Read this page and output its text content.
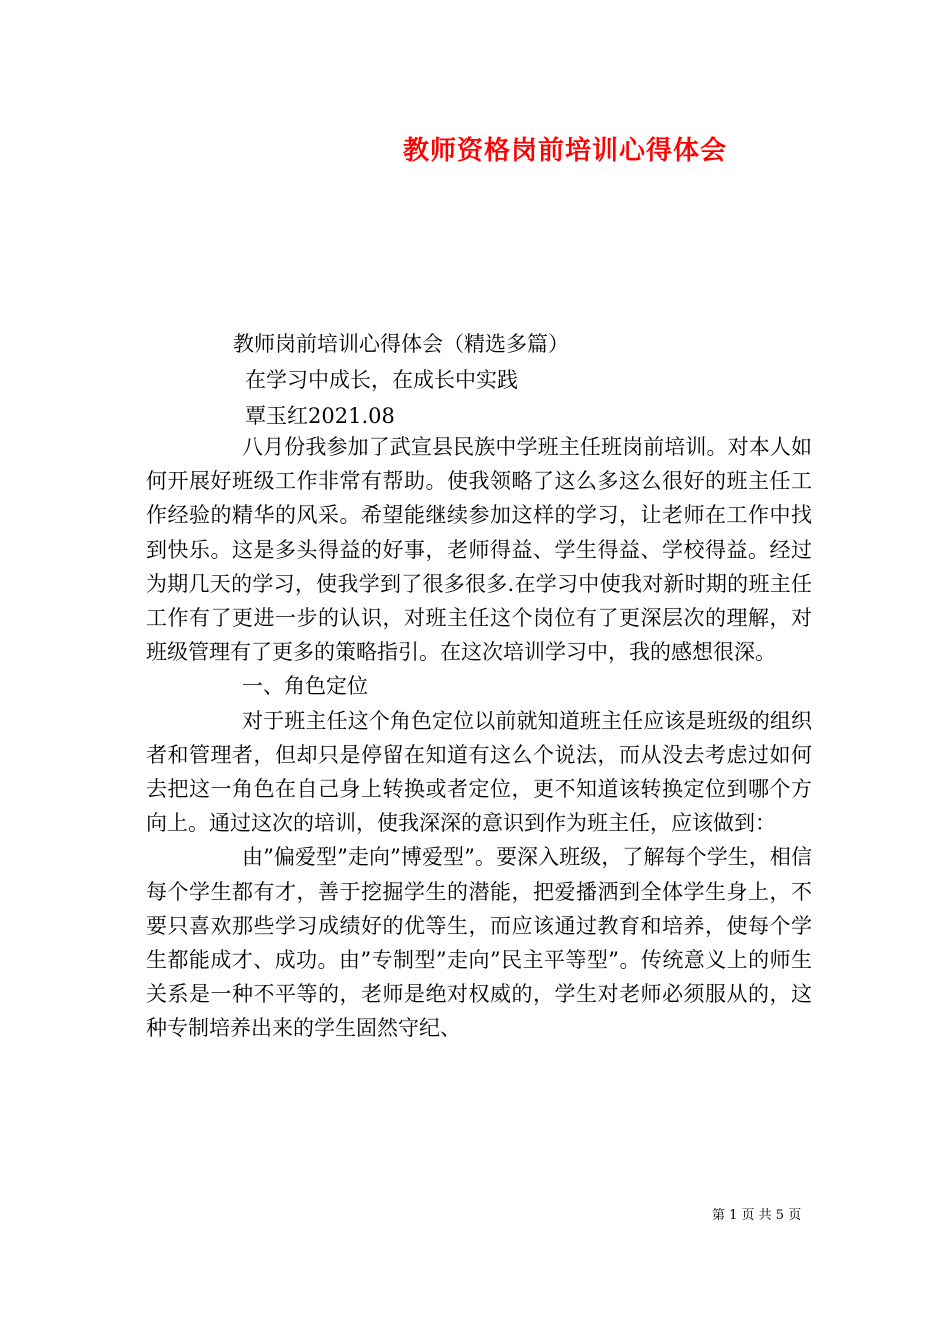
教师资格岗前培训心得体会
教师岗前培训心得体会（精选多篇）
在学习中成长，在成长中实践
覃玉红2021.08

八月份我参加了武宣县民族中学班主任班岗前培训。对本人如何开展好班级工作非常有帮助。使我领略了这么多这么很好的班主任工作经验的精华的风采。希望能继续参加这样的学习，让老师在工作中找到快乐。这是多头得益的好事，老师得益、学生得益、学校得益。经过为期几天的学习，使我学到了很多很多.在学习中使我对新时期的班主任工作有了更进一步的认识，对班主任这个岗位有了更深层次的理解，对班级管理有了更多的策略指引。在这次培训学习中，我的感想很深。

一、角色定位

对于班主任这个角色定位以前就知道班主任应该是班级的组织者和管理者，但却只是停留在知道有这么个说法，而从没去考虑过如何去把这一角色在自己身上转换或者定位，更不知道该转换定位到哪个方向上。通过这次的培训，使我深深的意识到作为班主任，应该做到：

由”偏爱型”走向”博爱型”。要深入班级，了解每个学生，相信每个学生都有才，善于挖掘学生的潜能，把爱播洒到全体学生身上，不要只喜欢那些学习成绩好的优等生，而应该通过教育和培养，使每个学生都能成才、成功。由”专制型”走向”民主平等型”。传统意义上的师生关系是一种不平等的，老师是绝对权威的，学生对老师必须服从的，这种专制培养出来的学生固然守纪、

第 1 页 共 5 页
